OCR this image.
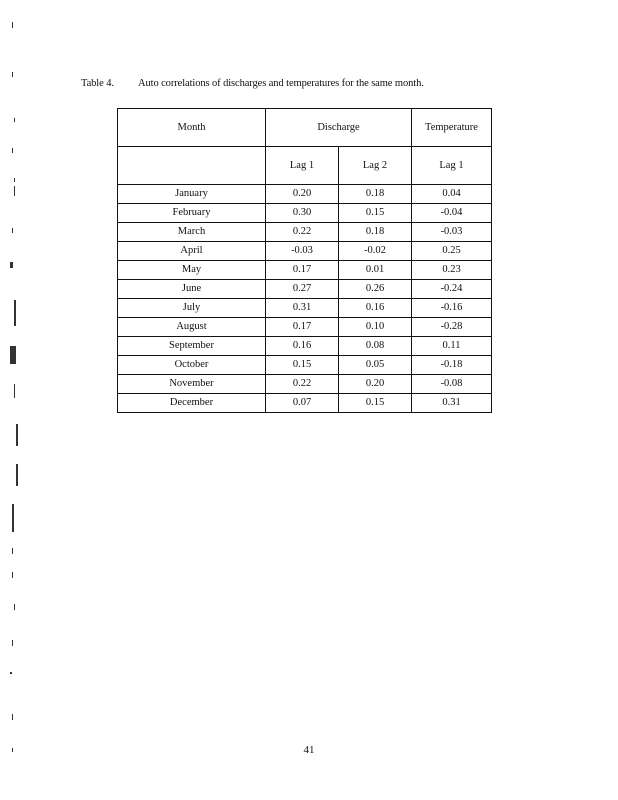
Table 4. Auto correlations of discharges and temperatures for the same month.
Month	Discharge		Temperature
	Lag 1	Lag 2	Lag 1
January	0.20	0.18	0.04
February	0.30	0.15	-0.04
March	0.22	0.18	-0.03
April	-0.03	-0.02	0.25
May	0.17	0.01	0.23
June	0.27	0.26	-0.24
July	0.31	0.16	-0.16
August	0.17	0.10	-0.28
September	0.16	0.08	0.11
October	0.15	0.05	-0.18
November	0.22	0.20	-0.08
December	0.07	0.15	0.31
41
